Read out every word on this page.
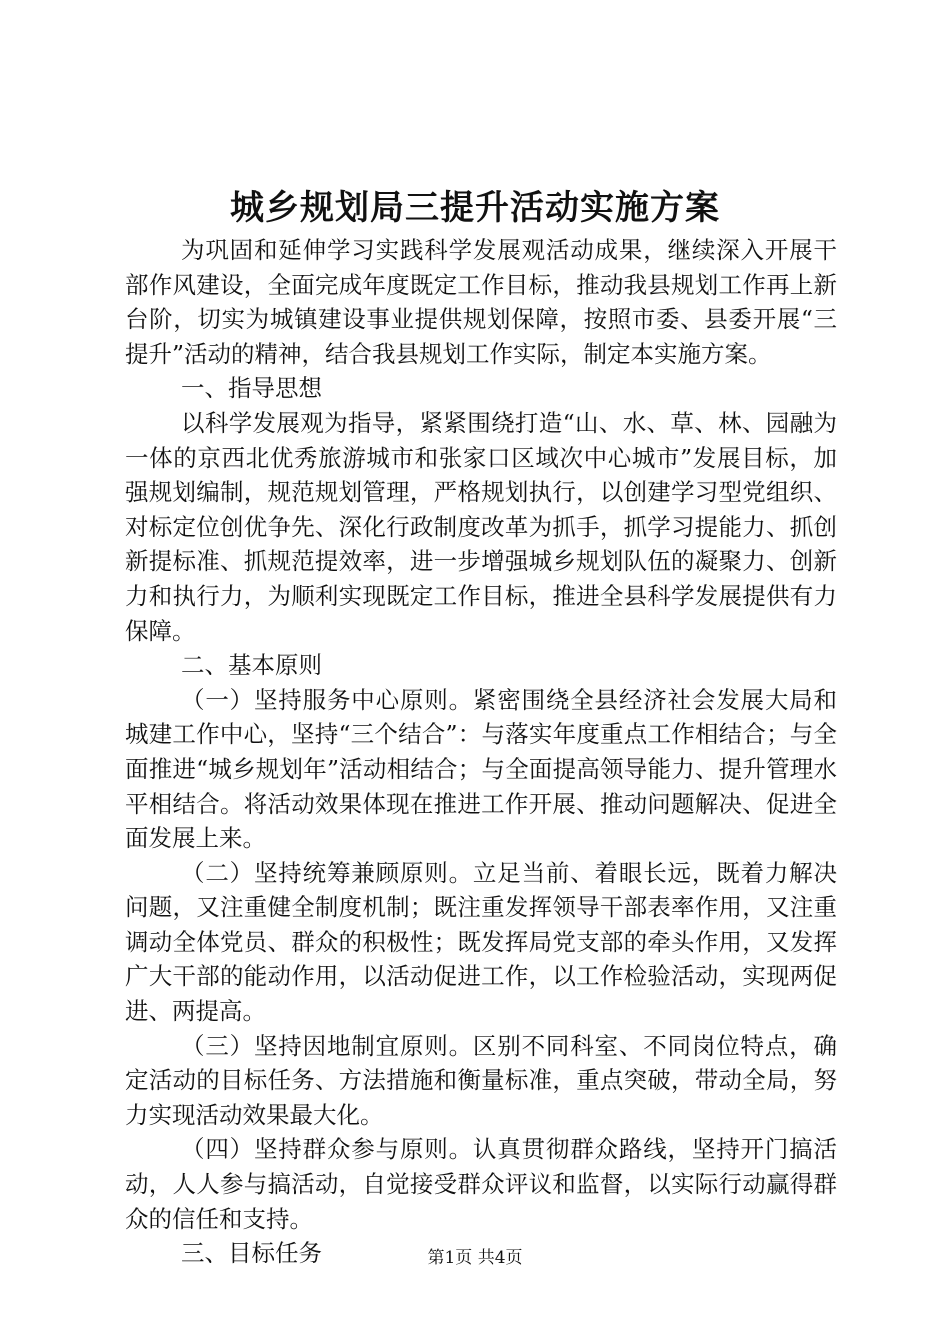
城乡规划局三提升活动实施方案

为巩固和延伸学习实践科学发展观活动成果，继续深入开展干部作风建设，全面完成年度既定工作目标，推动我县规划工作再上新台阶，切实为城镇建设事业提供规划保障，按照市委、县委开展“三提升”活动的精神，结合我县规划工作实际，制定本实施方案。

一、指导思想

以科学发展观为指导，紧紧围绕打造“山、水、草、林、园融为一体的京西北优秀旅游城市和张家口区域次中心城市”发展目标，加强规划编制，规范规划管理，严格规划执行，以创建学习型党组织、对标定位创优争先、深化行政制度改革为抓手，抓学习提能力、抓创新提标准、抓规范提效率，进一步增强城乡规划队伍的凝聚力、创新力和执行力，为顺利实现既定工作目标，推进全县科学发展提供有力保障。

二、基本原则

（一）坚持服务中心原则。紧密围绕全县经济社会发展大局和城建工作中心，坚持“三个结合”：与落实年度重点工作相结合；与全面推进“城乡规划年”活动相结合；与全面提高领导能力、提升管理水平相结合。将活动效果体现在推进工作开展、推动问题解决、促进全面发展上来。

（二）坚持统筹兼顾原则。立足当前、着眼长远，既着力解决问题，又注重健全制度机制；既注重发挥领导干部表率作用，又注重调动全体党员、群众的积极性；既发挥局党支部的牵头作用，又发挥广大干部的能动作用，以活动促进工作，以工作检验活动，实现两促进、两提高。

（三）坚持因地制宜原则。区别不同科室、不同岗位特点，确定活动的目标任务、方法措施和衡量标准，重点突破，带动全局，努力实现活动效果最大化。

（四）坚持群众参与原则。认真贯彻群众路线，坚持开门搞活动，人人参与搞活动，自觉接受群众评议和监督，以实际行动赢得群众的信任和支持。

三、目标任务	第1页 共4页
